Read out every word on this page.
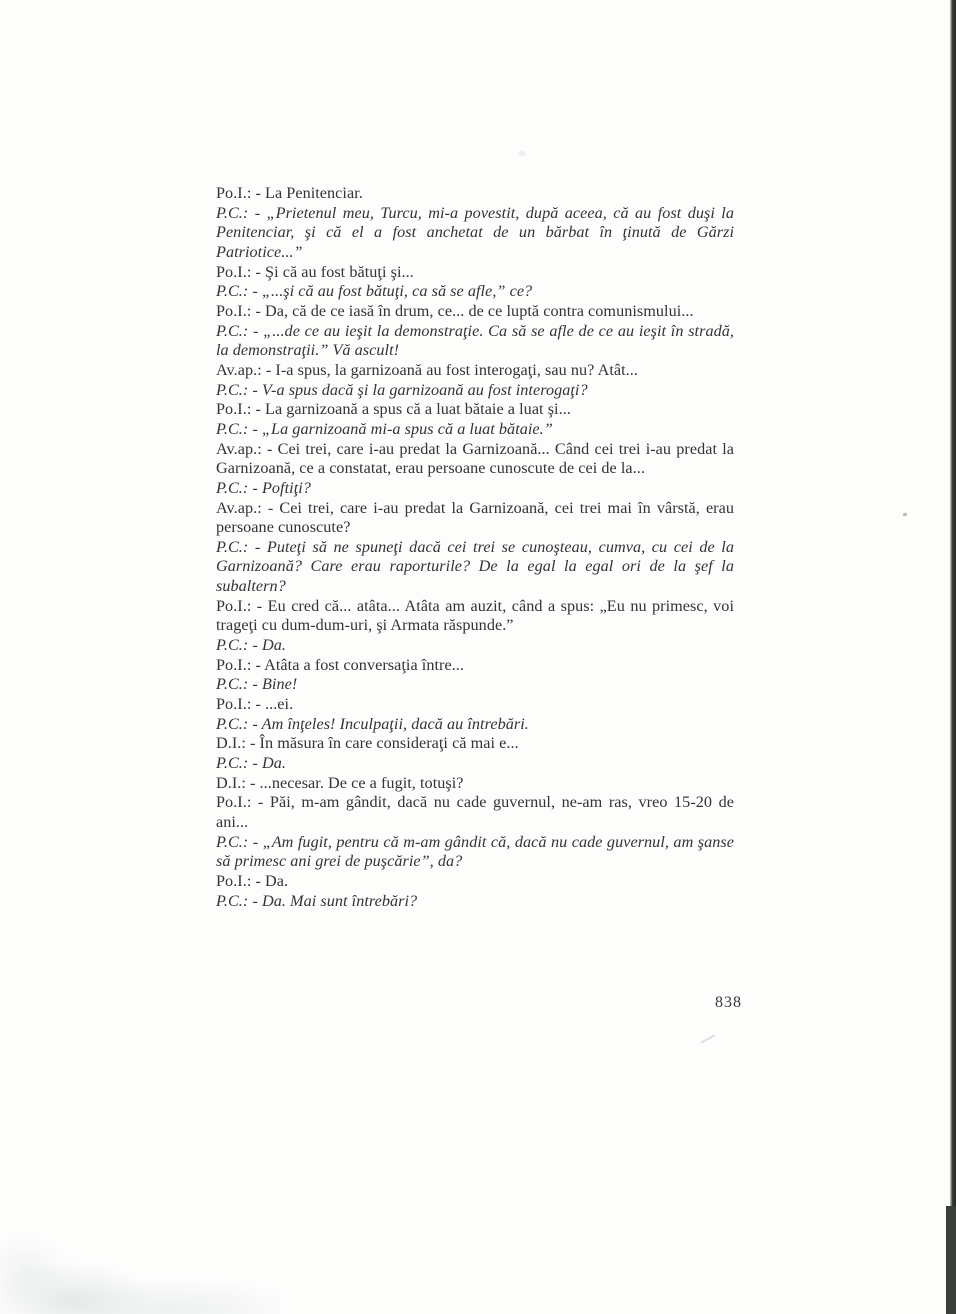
Po.I.: - La Penitenciar.

P.C.: - „Prietenul meu, Turcu, mi-a povestit, după aceea, că au fost duşi la Penitenciar, şi că el a fost anchetat de un bărbat în ţinută de Gărzi Patriotice...”

Po.I.: - Şi că au fost bătuţi şi...

P.C.: - „...şi că au fost bătuţi, ca să se afle,” ce?

Po.I.: - Da, că de ce iasă în drum, ce... de ce luptă contra comunismului...

P.C.: - „...de ce au ieşit la demonstraţie. Ca să se afle de ce au ieşit în stradă, la demonstraţii.” Vă ascult!

Av.ap.: - I-a spus, la garnizoană au fost interogaţi, sau nu? Atât...

P.C.: - V-a spus dacă şi la garnizoană au fost interogaţi?

Po.I.: - La garnizoană a spus că a luat bătaie a luat şi...

P.C.: - „La garnizoană mi-a spus că a luat bătaie.”

Av.ap.: - Cei trei, care i-au predat la Garnizoană... Când cei trei i-au predat la Garnizoană, ce a constatat, erau persoane cunoscute de cei de la...

P.C.: - Poftiţi?

Av.ap.: - Cei trei, care i-au predat la Garnizoană, cei trei mai în vârstă, erau persoane cunoscute?

P.C.: - Puteţi să ne spuneţi dacă cei trei se cunoşteau, cumva, cu cei de la Garnizoană? Care erau raporturile? De la egal la egal ori de la şef la subaltern?

Po.I.: - Eu cred că... atâta... Atâta am auzit, când a spus: „Eu nu primesc, voi trageţi cu dum-dum-uri, şi Armata răspunde.”

P.C.: - Da.

Po.I.: - Atâta a fost conversaţia între...

P.C.: - Bine!

Po.I.: - ...ei.

P.C.: - Am înţeles! Inculpaţii, dacă au întrebări.

D.I.: - În măsura în care consideraţi că mai e...

P.C.: - Da.

D.I.: - ...necesar. De ce a fugit, totuşi?

Po.I.: - Păi, m-am gândit, dacă nu cade guvernul, ne-am ras, vreo 15-20 de ani...

P.C.: - „Am fugit, pentru că m-am gândit că, dacă nu cade guvernul, am şanse să primesc ani grei de puşcărie”, da?

Po.I.: - Da.

P.C.: - Da. Mai sunt întrebări?

838
